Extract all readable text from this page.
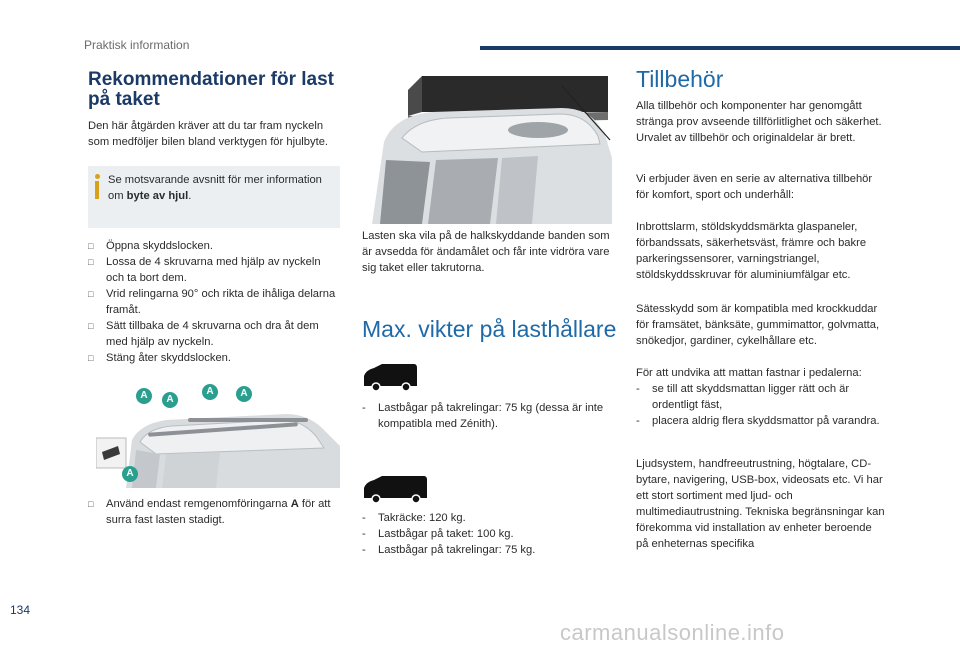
Praktisk information
Rekommendationer för last
på taket

Den här åtgärden kräver att du tar fram nyckeln som medföljer bilen bland verktygen för hjulbyte.

Se motsvarande avsnitt för mer information om byte av hjul.
□ Öppna skyddslocken.
□ Lossa de 4 skruvarna med hjälp av nyckeln och ta bort dem.
□ Vrid relingarna 90° och rikta de ihåliga delarna framåt.
□ Sätt tillbaka de 4 skruvarna och dra åt dem med hjälp av nyckeln.
□ Stäng åter skyddslocken.
A	A
A	A
A
□ Använd endast remgenomföringarna A för att surra fast lasten stadigt.

Lasten ska vila på de halkskyddande banden som är avsedda för ändamålet och får inte vidröra vare sig taket eller takrutorna.

Max. vikter på lasthållare
- Lastbågar på takrelingar: 75 kg (dessa är inte kompatibla med Zénith).
- Takräcke: 120 kg.
- Lastbågar på taket: 100 kg.
- Lastbågar på takrelingar: 75 kg.
Tillbehör

Alla tillbehör och komponenter har genomgått stränga prov avseende tillförlitlighet och säkerhet. Urvalet av tillbehör och originaldelar är brett.

Vi erbjuder även en serie av alternativa tillbehör för komfort, sport och underhåll:

Inbrottslarm, stöldskyddsmärkta glaspaneler, förbandssats, säkerhetsväst, främre och bakre parkeringssensorer, varningstriangel, stöldskyddsskruvar för aluminiumfälgar etc.

Sätesskydd som är kompatibla med krockkuddar för framsätet, bänksäte, gummimattor, golvmatta, snökedjor, gardiner, cykelhållare etc.

För att undvika att mattan fastnar i pedalerna:

- se till att skyddsmattan ligger rätt och är ordentligt fäst,
- placera aldrig flera skyddsmattor på varandra.

Ljudsystem, handfreeutrustning, högtalare, CD-bytare, navigering, USB-box, videosats etc. Vi har ett stort sortiment med ljud- och multimediautrustning. Tekniska begränsningar kan förekomma vid installation av enheter beroende på enheternas specifika

134
carmanualsonline.info
